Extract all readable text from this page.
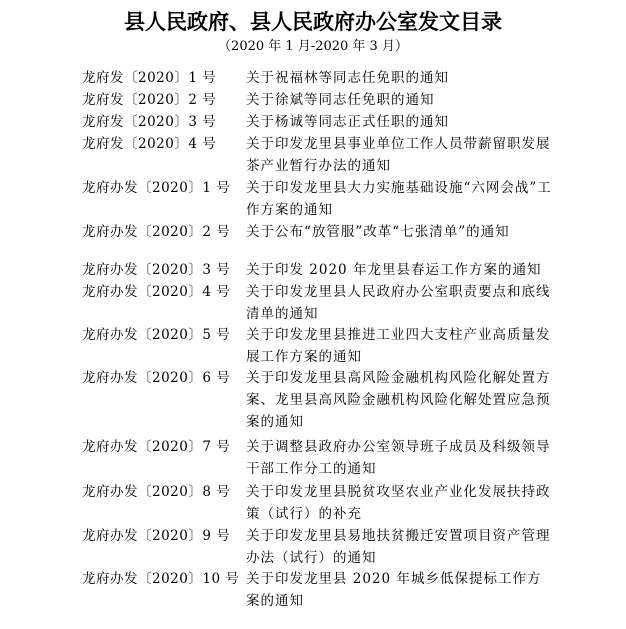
县人民政府、县人民政府办公室发文目录
（2020 年 1 月-2020 年 3 月）
龙府发〔2020〕1 号 关于祝福林等同志任免职的通知
龙府发〔2020〕2 号 关于徐斌等同志任免职的通知
龙府发〔2020〕3 号 关于杨诚等同志正式任职的通知
龙府发〔2020〕4 号 关于印发龙里县事业单位工作人员带薪留职发展茶产业暂行办法的通知
龙府办发〔2020〕1 号 关于印发龙里县大力实施基础设施“六网会战”工作方案的通知
龙府办发〔2020〕2 号 关于公布“放管服”改革“七张清单”的通知
龙府办发〔2020〕3 号 关于印发 2020 年龙里县春运工作方案的通知
龙府办发〔2020〕4 号 关于印发龙里县人民政府办公室职责要点和底线清单的通知
龙府办发〔2020〕5 号 关于印发龙里县推进工业四大支柱产业高质量发展工作方案的通知
龙府办发〔2020〕6 号 关于印发龙里县高风险金融机构风险化解处置方案、龙里县高风险金融机构风险化解处置应急预案的通知
龙府办发〔2020〕7 号 关于调整县政府办公室领导班子成员及科级领导干部工作分工的通知
龙府办发〔2020〕8 号 关于印发龙里县脱贫攻坚农业产业化发展扶持政策（试行）的补充
龙府办发〔2020〕9 号 关于印发龙里县易地扶贫搬迁安置项目资产管理办法（试行）的通知
龙府办发〔2020〕10 号 关于印发龙里县 2020 年城乡低保提标工作方案的通知
